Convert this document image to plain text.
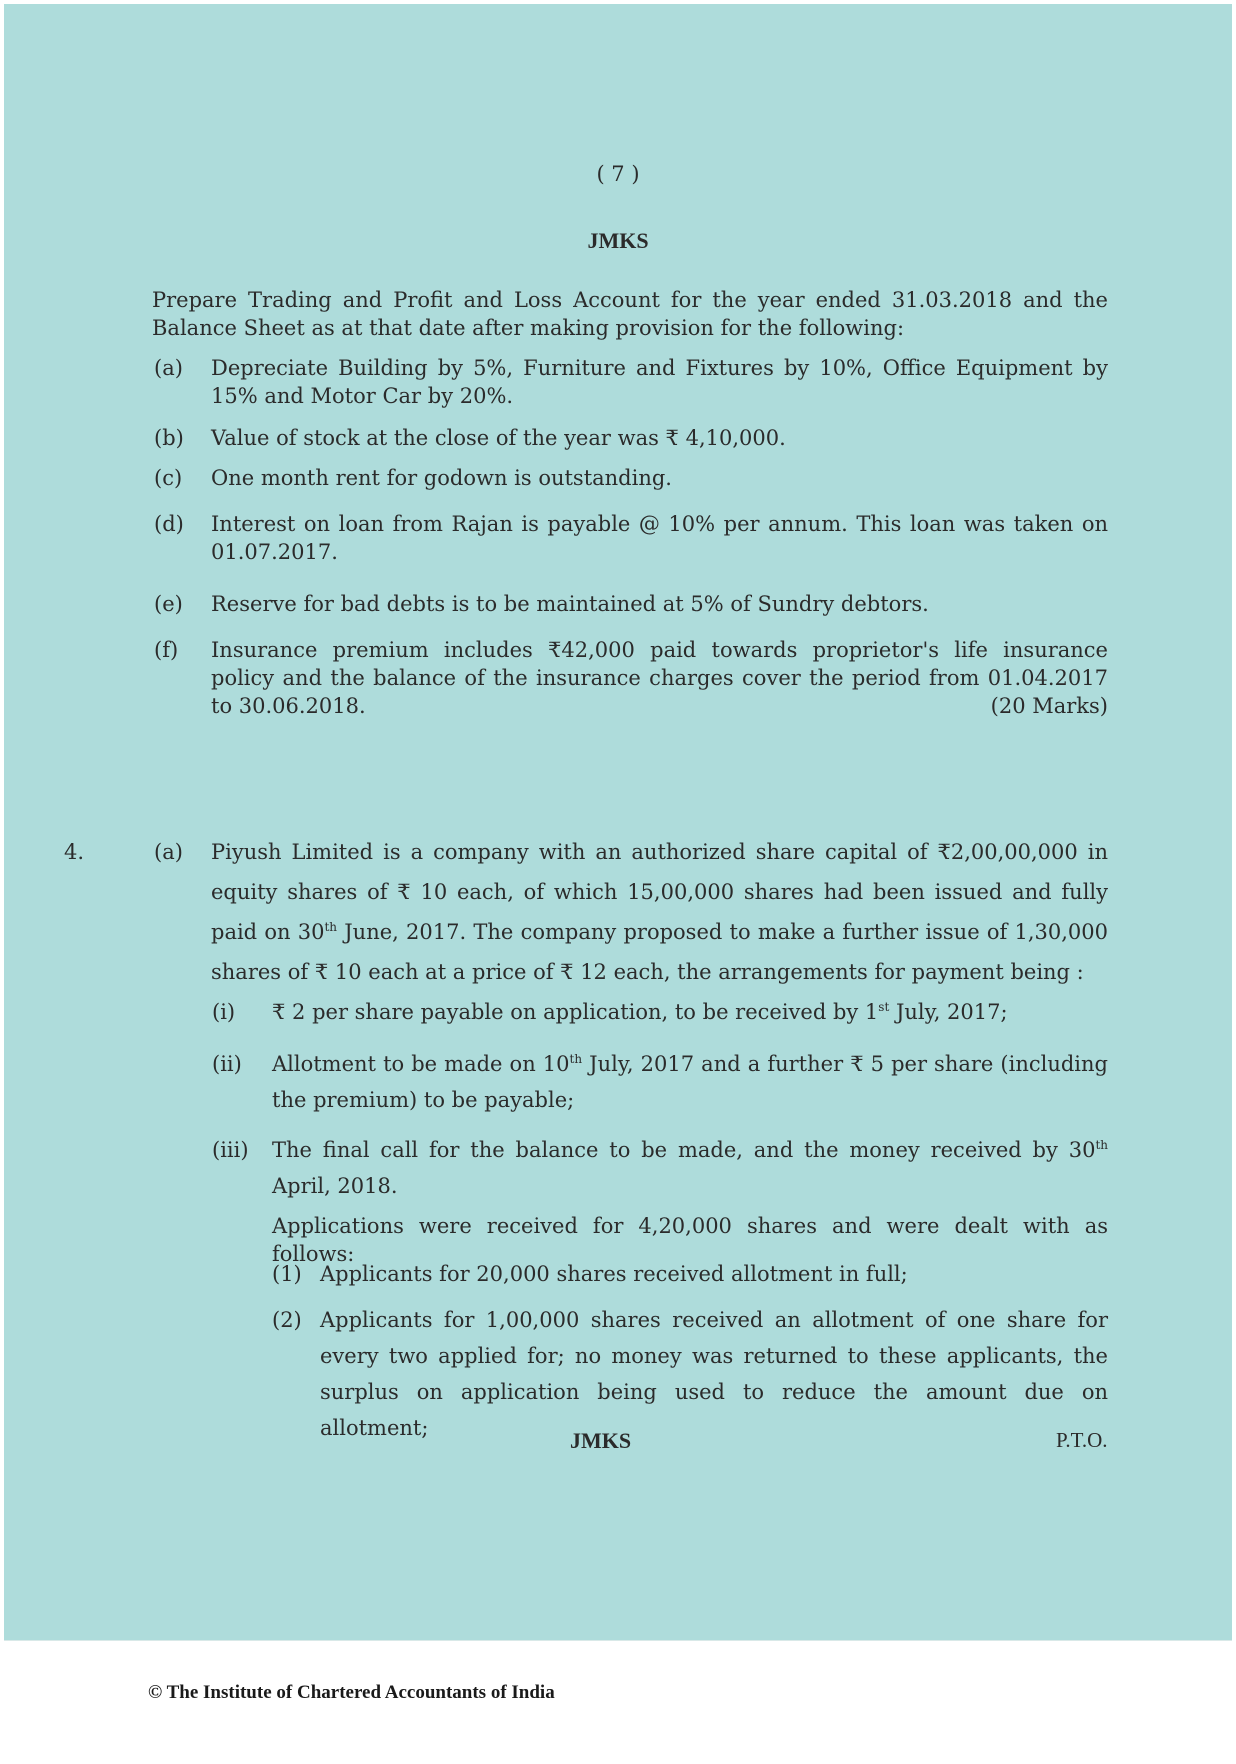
( 7 )
JMKS
Prepare Trading and Profit and Loss Account for the year ended 31.03.2018 and the Balance Sheet as at that date after making provision for the following:
(a) Depreciate Building by 5%, Furniture and Fixtures by 10%, Office Equipment by 15% and Motor Car by 20%.
(b) Value of stock at the close of the year was ₹ 4,10,000.
(c) One month rent for godown is outstanding.
(d) Interest on loan from Rajan is payable @ 10% per annum. This loan was taken on 01.07.2017.
(e) Reserve for bad debts is to be maintained at 5% of Sundry debtors.
(f) Insurance premium includes ₹42,000 paid towards proprietor's life insurance policy and the balance of the insurance charges cover the period from 01.04.2017 to 30.06.2018.	(20 Marks)
4.	(a) Piyush Limited is a company with an authorized share capital of ₹2,00,00,000 in equity shares of ₹ 10 each, of which 15,00,000 shares had been issued and fully paid on 30th June, 2017. The company proposed to make a further issue of 1,30,000 shares of ₹ 10 each at a price of ₹ 12 each, the arrangements for payment being :
(i) ₹ 2 per share payable on application, to be received by 1st July, 2017;
(ii) Allotment to be made on 10th July, 2017 and a further ₹ 5 per share (including the premium) to be payable;
(iii) The final call for the balance to be made, and the money received by 30th April, 2018.
Applications were received for 4,20,000 shares and were dealt with as follows:
(1) Applicants for 20,000 shares received allotment in full;
(2) Applicants for 1,00,000 shares received an allotment of one share for every two applied for; no money was returned to these applicants, the surplus on application being used to reduce the amount due on allotment;	JMKS	P.T.O.
© The Institute of Chartered Accountants of India
